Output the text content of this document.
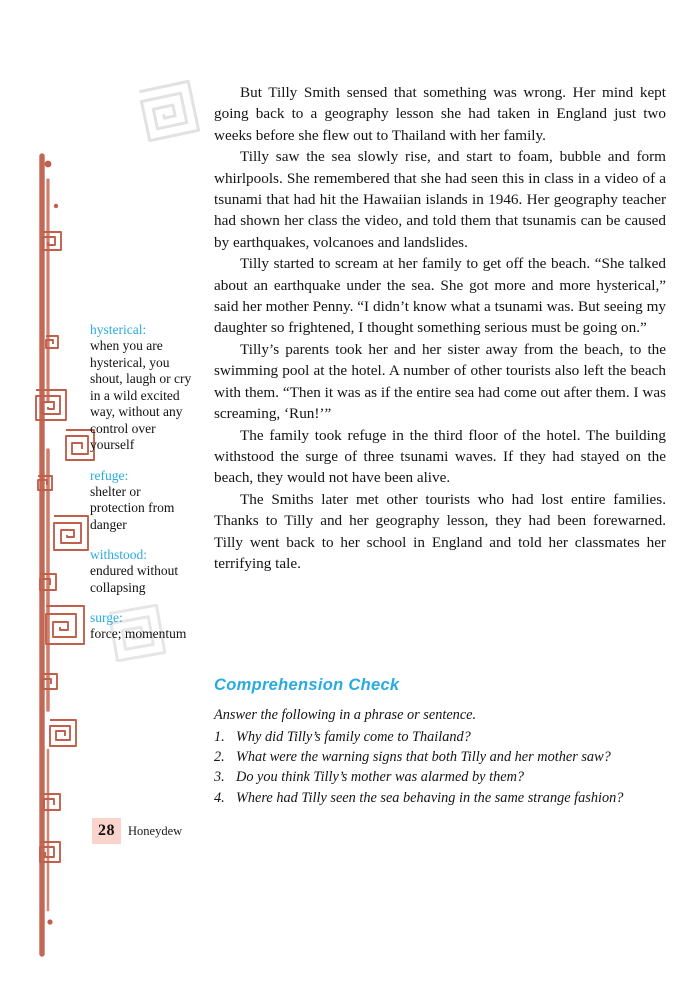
hysterical:
when you are hysterical, you shout, laugh or cry in a wild excited way, without any control over yourself
refuge:
shelter or protection from danger
withstood:
endured without collapsing
surge:
force; momentum
28	Honeydew

But Tilly Smith sensed that something was wrong. Her mind kept going back to a geography lesson she had taken in England just two weeks before she flew out to Thailand with her family.

Tilly saw the sea slowly rise, and start to foam, bubble and form whirlpools. She remembered that she had seen this in class in a video of a tsunami that had hit the Hawaiian islands in 1946. Her geography teacher had shown her class the video, and told them that tsunamis can be caused by earthquakes, volcanoes and landslides.

Tilly started to scream at her family to get off the beach. “She talked about an earthquake under the sea. She got more and more hysterical,” said her mother Penny. “I didn’t know what a tsunami was. But seeing my daughter so frightened, I thought something serious must be going on.”

Tilly’s parents took her and her sister away from the beach, to the swimming pool at the hotel. A number of other tourists also left the beach with them. “Then it was as if the entire sea had come out after them. I was screaming, ‘Run!’”

The family took refuge in the third floor of the hotel. The building withstood the surge of three tsunami waves. If they had stayed on the beach, they would not have been alive.

The Smiths later met other tourists who had lost entire families. Thanks to Tilly and her geography lesson, they had been forewarned. Tilly went back to her school in England and told her classmates her terrifying tale.

Comprehension Check

Answer the following in a phrase or sentence.

1. Why did Tilly’s family come to Thailand?
2. What were the warning signs that both Tilly and her mother saw?
3. Do you think Tilly’s mother was alarmed by them?
4. Where had Tilly seen the sea behaving in the same strange fashion?
